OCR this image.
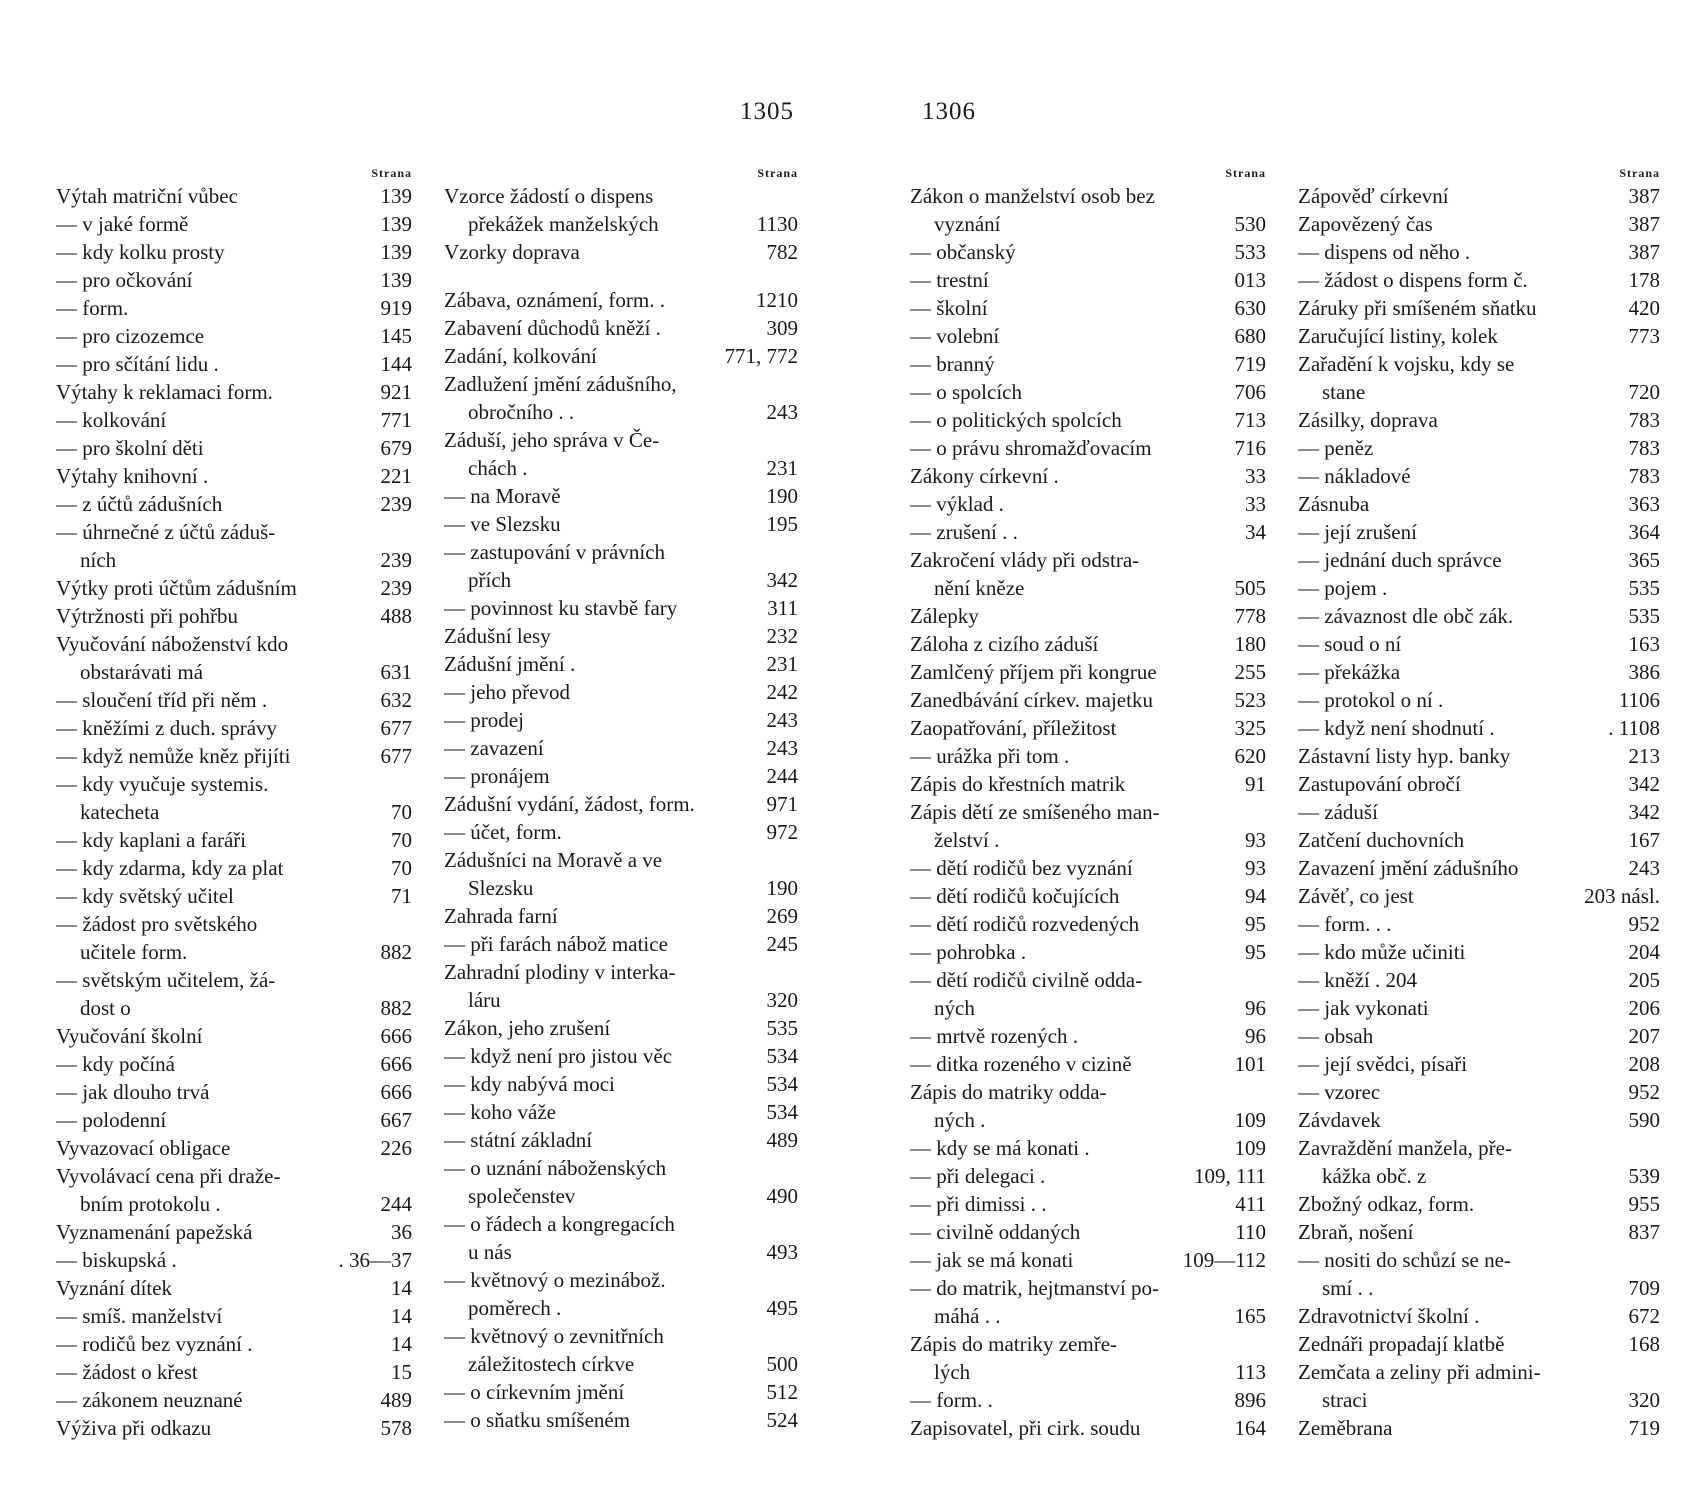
1305	1306
Strana
Výtah matriční vůbec	139
— v jaké formě	139
— kdy kolku prosty	139
— pro očkování	139
— form.	919
— pro cizozemce	145
— pro sčítání lidu .	144
Výtahy k reklamaci form.	921
— kolkování	771
— pro školní děti	679
Výtahy knihovní .	221
— z účtů zádušních	239
— úhrnečné z účtů záduš-
ních	239
Výtky proti účtům zádušním	239
Výtržnosti při pohřbu	488
Vyučování náboženství kdo
obstarávati má	631
— sloučení tříd při něm .	632
— kněžími z duch. správy	677
— když nemůže kněz přijíti	677
— kdy vyučuje systemis.
katecheta	70
— kdy kaplani a faráři	70
— kdy zdarma, kdy za plat	70
— kdy světský učitel	71
— žádost pro světského
učitele form.	882
— světským učitelem, žá-
dost o	882
Vyučování školní	666
— kdy počíná	666
— jak dlouho trvá	666
— polodenní	667
Vyvazovací obligace	226
Vyvolávací cena při draže-
bním protokolu .	244
Vyznamenání papežská	36
— biskupská .	. 36—37
Vyznání dítek	14
— smíš. manželství	14
— rodičů bez vyznání .	14
— žádost o křest	15
— zákonem neuznané	489
Výživa při odkazu	578
Strana
Vzorce žádostí o dispens
překážek manželských	1130
Vzorky doprava	782
Zábava, oznámení, form. .	1210
Zabavení důchodů kněží .	309
Zadání, kolkování	771, 772
Zadlužení jmění zádušního,
obročního . .	243
Záduší, jeho správa v Če-
chách .	231
— na Moravě	190
— ve Slezsku	195
— zastupování v právních
přích	342
— povinnost ku stavbě fary	311
Zádušní lesy	232
Zádušní jmění .	231
— jeho převod	242
— prodej	243
— zavazení	243
— pronájem	244
Zádušní vydání, žádost, form.	971
— účet, form.	972
Zádušníci na Moravě a ve
Slezsku	190
Zahrada farní	269
— při farách nábož matice	245
Zahradní plodiny v interka-
láru	320
Zákon, jeho zrušení	535
— když není pro jistou věc	534
— kdy nabývá moci	534
— koho váže	534
— státní základní	489
— o uznání náboženských
společenstev	490
— o řádech a kongregacích
u nás	493
— květnový o mezinábož.
poměrech .	495
— květnový o zevnitřních
záležitostech církve	500
— o církevním jmění	512
— o sňatku smíšeném	524
Strana
Zákon o manželství osob bez
vyznání	530
— občanský	533
— trestní	013
— školní	630
— volební	680
— branný	719
— o spolcích	706
— o politických spolcích	713
— o právu shromažďovacím	716
Zákony církevní .	33
— výklad .	33
— zrušení . .	34
Zakročení vlády při odstra-
nění kněze	505
Zálepky	778
Záloha z cizího záduší	180
Zamlčený příjem při kongrue	255
Zanedbávání církev. majetku	523
Zaopatřování, příležitost	325
— urážka při tom .	620
Zápis do křestních matrik	91
Zápis dětí ze smíšeného man-
želství .	93
— dětí rodičů bez vyznání	93
— dětí rodičů kočujících	94
— dětí rodičů rozvedených	95
— pohrobka .	95
— dětí rodičů civilně odda-
ných	96
— mrtvě rozených .	96
— ditka rozeného v cizině	101
Zápis do matriky odda-
ných .	109
— kdy se má konati .	109
— při delegaci .	109, 111
— při dimissi . .	411
— civilně oddaných	110
— jak se má konati	109—112
— do matrik, hejtmanství po-
máhá . .	165
Zápis do matriky zemře-
lých	113
— form. .	896
Zapisovatel, při cirk. soudu	164
Strana
Zápověď církevní	387
Zapovězený čas	387
— dispens od něho .	387
— žádost o dispens form č.	178
Záruky při smíšeném sňatku	420
Zaručující listiny, kolek	773
Zařadění k vojsku, kdy se
stane	720
Zásilky, doprava	783
— peněz	783
— nákladové	783
Zásnuba	363
— její zrušení	364
— jednání duch správce	365
— pojem .	535
— závaznost dle obč zák.	535
— soud o ní	163
— překážka	386
— protokol o ní .	1106
— když není shodnutí .	. 1108
Zástavní listy hyp. banky	213
Zastupování obročí	342
— záduší	342
Zatčení duchovních	167
Zavazení jmění zádušního	243
Závěť, co jest	203 násl.
— form. . .	952
— kdo může učiniti	204
— kněží . 204	205
— jak vykonati	206
— obsah	207
— její svědci, písaři	208
— vzorec	952
Závdavek	590
Zavraždění manžela, pře-
kážka obč. z	539
Zbožný odkaz, form.	955
Zbraň, nošení	837
— nositi do schůzí se ne-
smí . .	709
Zdravotnictví školní .	672
Zednáři propadají klatbě	168
Zemčata a zeliny při admini-
straci	320
Zeměbrana	719
